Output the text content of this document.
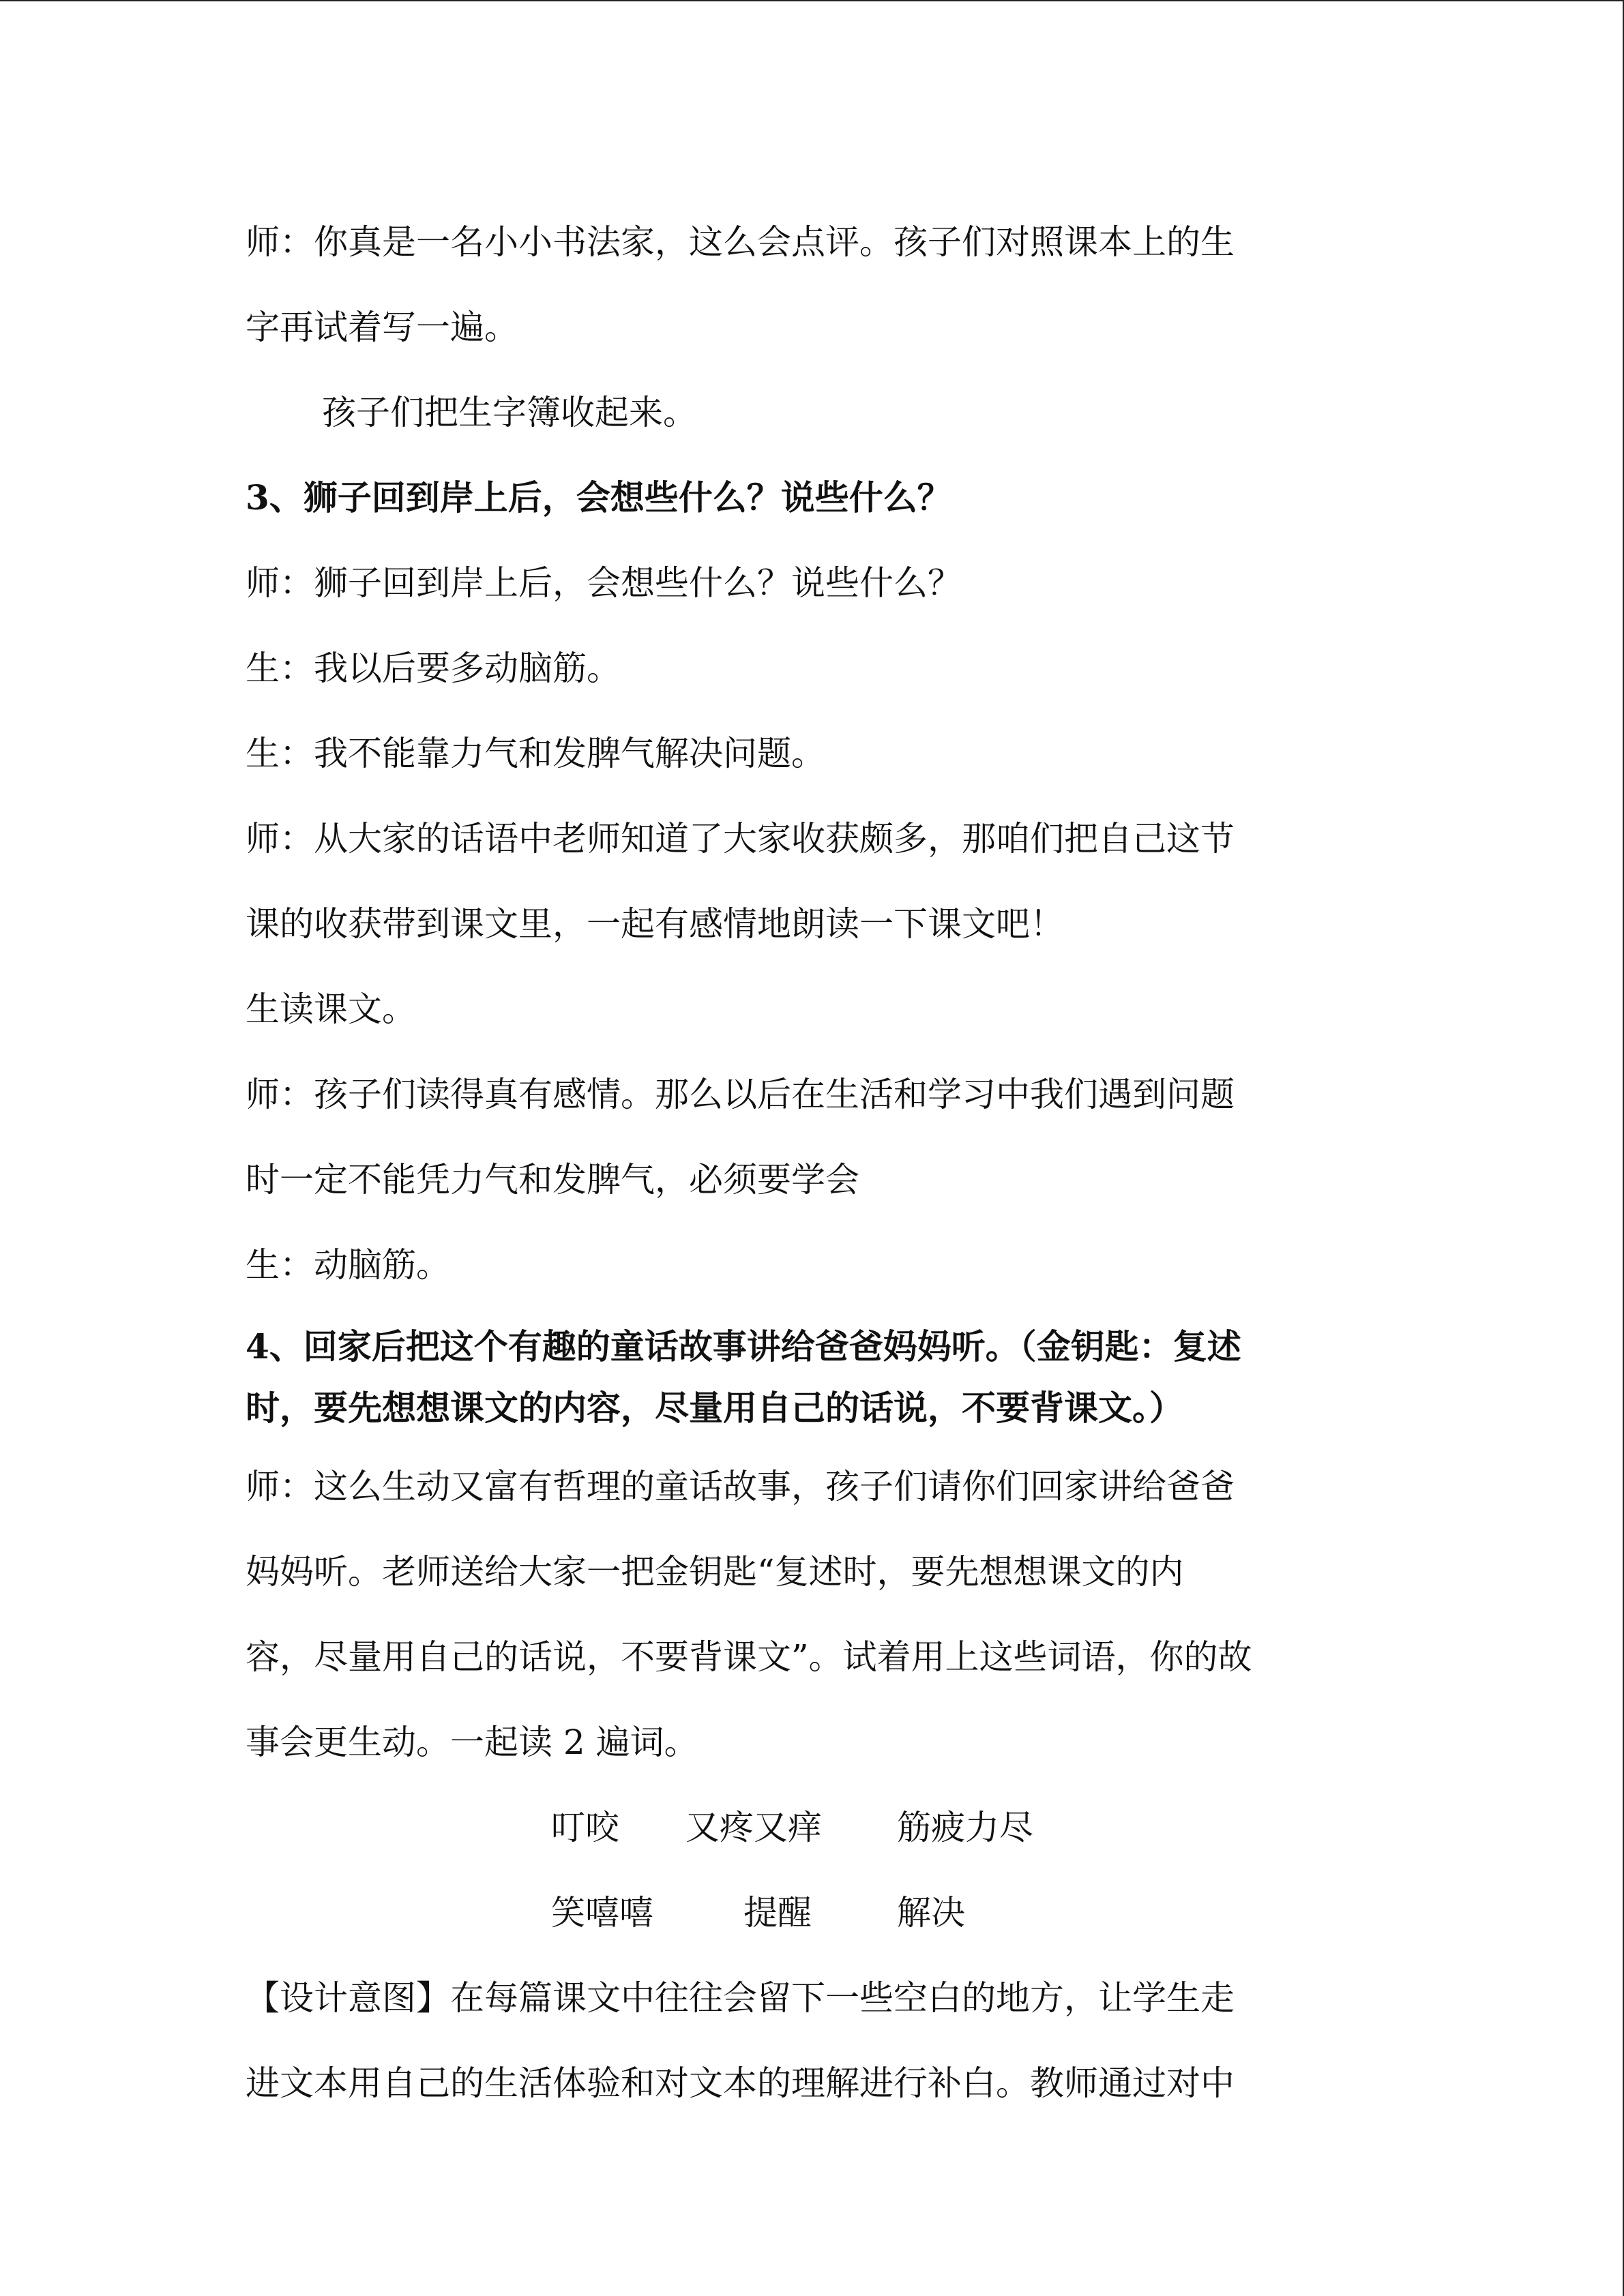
师：你真是一名小小书法家，这么会点评。孩子们对照课本上的生
字再试着写一遍。
孩子们把生字簿收起来。
3、狮子回到岸上后，会想些什么？说些什么？
师：狮子回到岸上后，会想些什么？说些什么？
生：我以后要多动脑筋。
生：我不能靠力气和发脾气解决问题。
师：从大家的话语中老师知道了大家收获颇多，那咱们把自己这节
课的收获带到课文里，一起有感情地朗读一下课文吧！
生读课文。
师：孩子们读得真有感情。那么以后在生活和学习中我们遇到问题
时一定不能凭力气和发脾气，必须要学会
生：动脑筋。
4、回家后把这个有趣的童话故事讲给爸爸妈妈听。（金钥匙：复述
时，要先想想课文的内容，尽量用自己的话说，不要背课文。）
师：这么生动又富有哲理的童话故事，孩子们请你们回家讲给爸爸
妈妈听。老师送给大家一把金钥匙“复述时，要先想想课文的内
容，尽量用自己的话说，不要背课文”。试着用上这些词语，你的故
事会更生动。一起读 2 遍词。
叮咬 又疼又痒 筋疲力尽
笑嘻嘻	提醒	解决
【设计意图】在每篇课文中往往会留下一些空白的地方，让学生走
进文本用自己的生活体验和对文本的理解进行补白。教师通过对中
